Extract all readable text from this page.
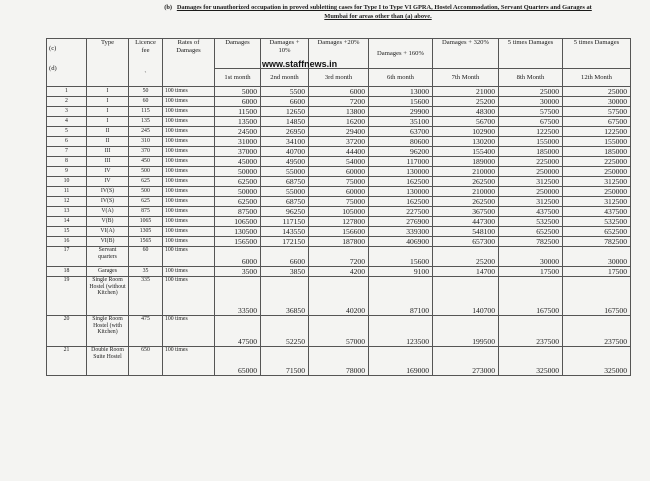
(b) Damages for unauthorized occupation in proved subletting cases for Type I to Type VI GPRA, Hostel Accommodation, Servant Quarters and Garages at
Mumbai for areas other than (a) above.
(c)
(d)	Type	Licence fee

`	Rates of Damages	Damages	Damages + 10%	Damages +20%	Damages + 160%	Damages + 320%	5 times Damages	5 times Damages
				1st month	2nd month	3rd month	6th month	7th Month	8th Month	12th Month
1	I	50	100 times	5000	5500	6000	13000	21000	25000	25000
2	I	60	100 times	6000	6600	7200	15600	25200	30000	30000
3	I	115	100 times	11500	12650	13800	29900	48300	57500	57500
4	I	135	100 times	13500	14850	16200	35100	56700	67500	67500
5	II	245	100 times	24500	26950	29400	63700	102900	122500	122500
6	II	310	100 times	31000	34100	37200	80600	130200	155000	155000
7	III	370	100 times	37000	40700	44400	96200	155400	185000	185000
8	III	450	100 times	45000	49500	54000	117000	189000	225000	225000
9	IV	500	100 times	50000	55000	60000	130000	210000	250000	250000
10	IV	625	100 times	62500	68750	75000	162500	262500	312500	312500
11	IV(S)	500	100 times	50000	55000	60000	130000	210000	250000	250000
12	IV(S)	625	100 times	62500	68750	75000	162500	262500	312500	312500
13	V(A)	875	100 times	87500	96250	105000	227500	367500	437500	437500
14	V(B)	1065	100 times	106500	117150	127800	276900	447300	532500	532500
15	VI(A)	1305	100 times	130500	143550	156600	339300	548100	652500	652500
16	VI(B)	1565	100 times	156500	172150	187800	406900	657300	782500	782500
17	Servant quarters	60	100 times	6000	6600	7200	15600	25200	30000	30000
18	Garages	35	100 times	3500	3850	4200	9100	14700	17500	17500
19	Single Room Hostel (without Kitchen)	335	100 times	33500	36850	40200	87100	140700	167500	167500
20	Single Room Hostel (with Kitchen)	475	100 times	47500	52250	57000	123500	199500	237500	237500
21	Double Room Suite Hostel	650	100 times	65000	71500	78000	169000	273000	325000	325000
www.staffnews.in
